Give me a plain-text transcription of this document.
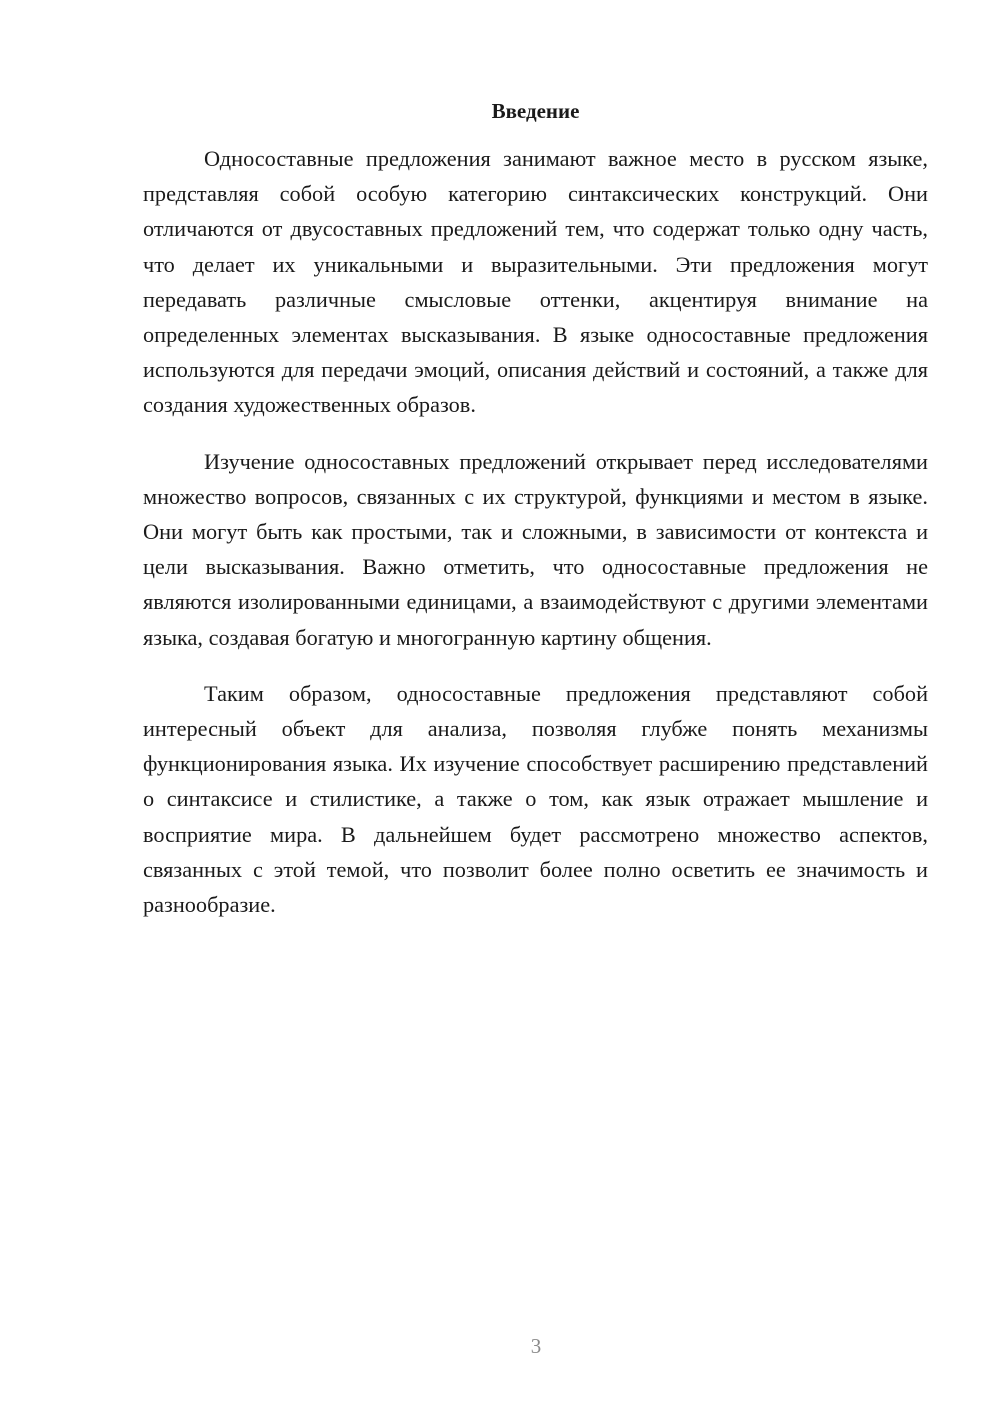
Введение

Односоставные предложения занимают важное место в русском языке, представляя собой особую категорию синтаксических конструкций. Они отличаются от двусоставных предложений тем, что содержат только одну часть, что делает их уникальными и выразительными. Эти предложения могут передавать различные смысловые оттенки, акцентируя внимание на определенных элементах высказывания. В языке односоставные предложения используются для передачи эмоций, описания действий и состояний, а также для создания художественных образов.

Изучение односоставных предложений открывает перед исследователями множество вопросов, связанных с их структурой, функциями и местом в языке. Они могут быть как простыми, так и сложными, в зависимости от контекста и цели высказывания. Важно отметить, что односоставные предложения не являются изолированными единицами, а взаимодействуют с другими элементами языка, создавая богатую и многогранную картину общения.

Таким образом, односоставные предложения представляют собой интересный объект для анализа, позволяя глубже понять механизмы функционирования языка. Их изучение способствует расширению представлений о синтаксисе и стилистике, а также о том, как язык отражает мышление и восприятие мира. В дальнейшем будет рассмотрено множество аспектов, связанных с этой темой, что позволит более полно осветить ее значимость и разнообразие.

3
